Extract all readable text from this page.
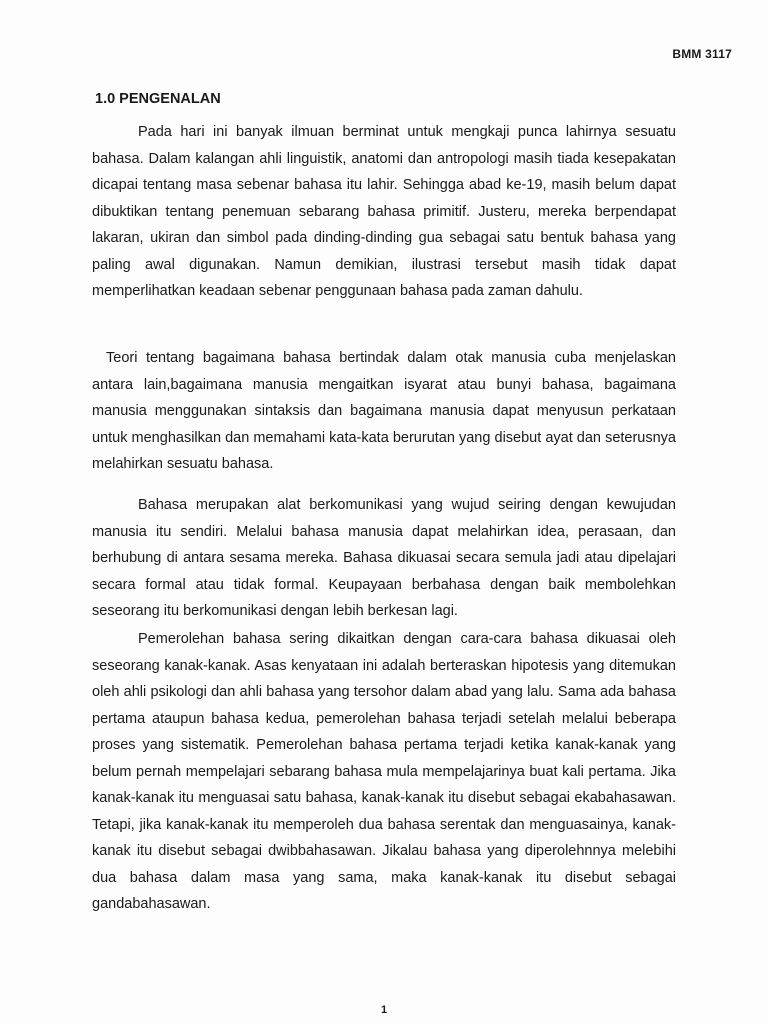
BMM 3117
1.0 PENGENALAN

Pada hari ini banyak ilmuan berminat untuk mengkaji punca lahirnya sesuatu bahasa. Dalam kalangan ahli linguistik, anatomi dan antropologi masih tiada kesepakatan dicapai tentang masa sebenar bahasa itu lahir. Sehingga abad ke-19, masih belum dapat dibuktikan tentang penemuan sebarang bahasa primitif. Justeru, mereka berpendapat lakaran, ukiran dan simbol pada dinding-dinding gua sebagai satu bentuk bahasa yang paling awal digunakan. Namun demikian, ilustrasi tersebut masih tidak dapat memperlihatkan keadaan sebenar penggunaan bahasa pada zaman dahulu.

Teori tentang bagaimana bahasa bertindak dalam otak manusia cuba menjelaskan antara lain,bagaimana manusia mengaitkan isyarat atau bunyi bahasa, bagaimana manusia menggunakan sintaksis dan bagaimana manusia dapat menyusun perkataan untuk menghasilkan dan memahami kata-kata berurutan yang disebut ayat dan seterusnya melahirkan sesuatu bahasa.

Bahasa merupakan alat berkomunikasi yang wujud seiring dengan kewujudan manusia itu sendiri. Melalui bahasa manusia dapat melahirkan idea, perasaan, dan berhubung di antara sesama mereka. Bahasa dikuasai secara semula jadi atau dipelajari secara formal atau tidak formal. Keupayaan berbahasa dengan baik membolehkan seseorang itu berkomunikasi dengan lebih berkesan lagi.

Pemerolehan bahasa sering dikaitkan dengan cara-cara bahasa dikuasai oleh seseorang kanak-kanak. Asas kenyataan ini adalah berteraskan hipotesis yang ditemukan oleh ahli psikologi dan ahli bahasa yang tersohor dalam abad yang lalu. Sama ada bahasa pertama ataupun bahasa kedua, pemerolehan bahasa terjadi setelah melalui beberapa proses yang sistematik. Pemerolehan bahasa pertama terjadi ketika kanak-kanak yang belum pernah mempelajari sebarang bahasa mula mempelajarinya buat kali pertama. Jika kanak-kanak itu menguasai satu bahasa, kanak-kanak itu disebut sebagai ekabahasawan. Tetapi, jika kanak-kanak itu memperoleh dua bahasa serentak dan menguasainya, kanak-kanak itu disebut sebagai dwibbahasawan. Jikalau bahasa yang diperolehnnya melebihi dua bahasa dalam masa yang sama, maka kanak-kanak itu disebut sebagai gandabahasawan.

1
